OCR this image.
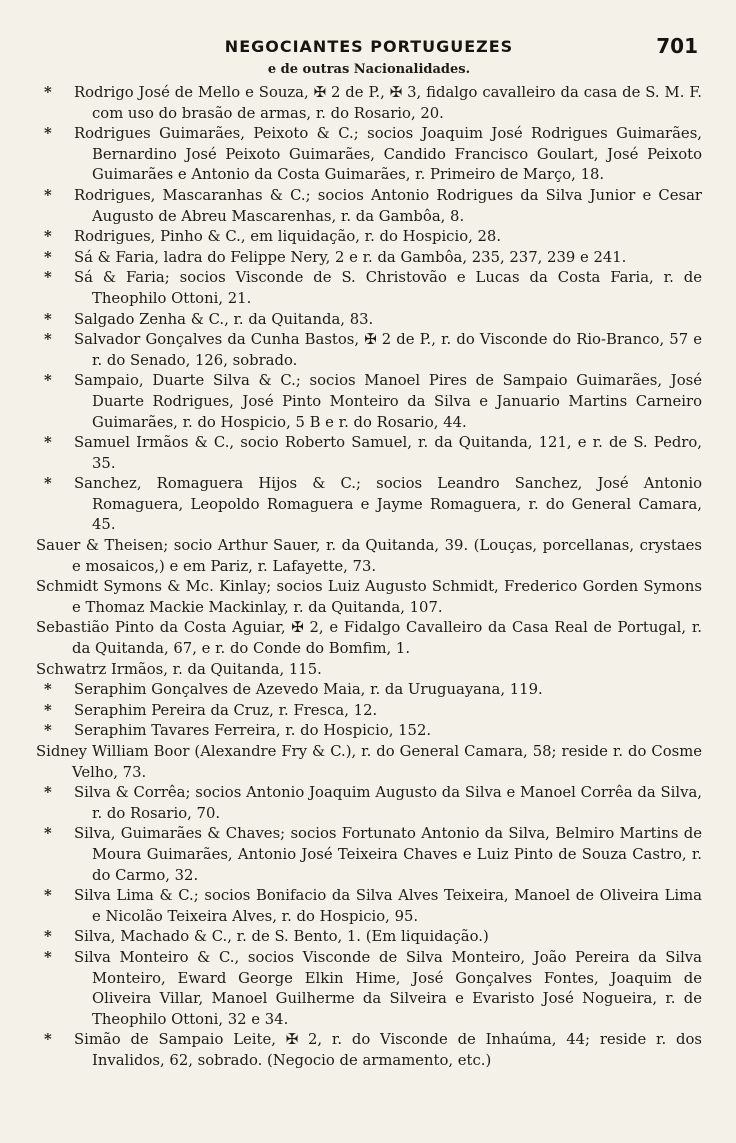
NEGOCIANTES PORTUGUEZES	701
e de outras Nacionalidades.
* Rodrigo José de Mello e Souza, ✠ 2 de P., ✠ 3, fidalgo cavalleiro da casa de S. M. F. com uso do brasão de armas, r. do Rosario, 20.
* Rodrigues Guimarães, Peixoto & C.; socios Joaquim José Rodrigues Guimarães, Bernardino José Peixoto Guimarães, Candido Francisco Goulart, José Peixoto Guimarães e Antonio da Costa Guimarães, r. Primeiro de Março, 18.
* Rodrigues, Mascaranhas & C.; socios Antonio Rodrigues da Silva Junior e Cesar Augusto de Abreu Mascarenhas, r. da Gambôa, 8.
* Rodrigues, Pinho & C., em liquidação, r. do Hospicio, 28.
* Sá & Faria, ladra do Felippe Nery, 2 e r. da Gambôa, 235, 237, 239 e 241.
* Sá & Faria; socios Visconde de S. Christovão e Lucas da Costa Faria, r. de Theophilo Ottoni, 21.
* Salgado Zenha & C., r. da Quitanda, 83.
* Salvador Gonçalves da Cunha Bastos, ✠ 2 de P., r. do Visconde do Rio-Branco, 57 e r. do Senado, 126, sobrado.
* Sampaio, Duarte Silva & C.; socios Manoel Pires de Sampaio Guimarães, José Duarte Rodrigues, José Pinto Monteiro da Silva e Januario Martins Carneiro Guimarães, r. do Hospicio, 5 B e r. do Rosario, 44.
* Samuel Irmãos & C., socio Roberto Samuel, r. da Quitanda, 121, e r. de S. Pedro, 35.
* Sanchez, Romaguera Hijos & C.; socios Leandro Sanchez, José Antonio Romaguera, Leopoldo Romaguera e Jayme Romaguera, r. do General Camara, 45.
Sauer & Theisen; socio Arthur Sauer, r. da Quitanda, 39. (Louças, porcellanas, crystaes e mosaicos,) e em Pariz, r. Lafayette, 73.
Schmidt Symons & Mc. Kinlay; socios Luiz Augusto Schmidt, Frederico Gorden Symons e Thomaz Mackie Mackinlay, r. da Quitanda, 107.
Sebastião Pinto da Costa Aguiar, ✠ 2, e Fidalgo Cavalleiro da Casa Real de Portugal, r. da Quitanda, 67, e r. do Conde do Bomfim, 1.
Schwatrz Irmãos, r. da Quitanda, 115.
* Seraphim Gonçalves de Azevedo Maia, r. da Uruguayana, 119.
* Seraphim Pereira da Cruz, r. Fresca, 12.
* Seraphim Tavares Ferreira, r. do Hospicio, 152.
Sidney William Boor (Alexandre Fry & C.), r. do General Camara, 58; reside r. do Cosme Velho, 73.
* Silva & Corrêa; socios Antonio Joaquim Augusto da Silva e Manoel Corrêa da Silva, r. do Rosario, 70.
* Silva, Guimarães & Chaves; socios Fortunato Antonio da Silva, Belmiro Martins de Moura Guimarães, Antonio José Teixeira Chaves e Luiz Pinto de Souza Castro, r. do Carmo, 32.
* Silva Lima & C.; socios Bonifacio da Silva Alves Teixeira, Manoel de Oliveira Lima e Nicolão Teixeira Alves, r. do Hospicio, 95.
* Silva, Machado & C., r. de S. Bento, 1. (Em liquidação.)
* Silva Monteiro & C., socios Visconde de Silva Monteiro, João Pereira da Silva Monteiro, Eward George Elkin Hime, José Gonçalves Fontes, Joaquim de Oliveira Villar, Manoel Guilherme da Silveira e Evaristo José Nogueira, r. de Theophilo Ottoni, 32 e 34.
* Simão de Sampaio Leite, ✠ 2, r. do Visconde de Inhaúma, 44; reside r. dos Invalidos, 62, sobrado. (Negocio de armamento, etc.)
